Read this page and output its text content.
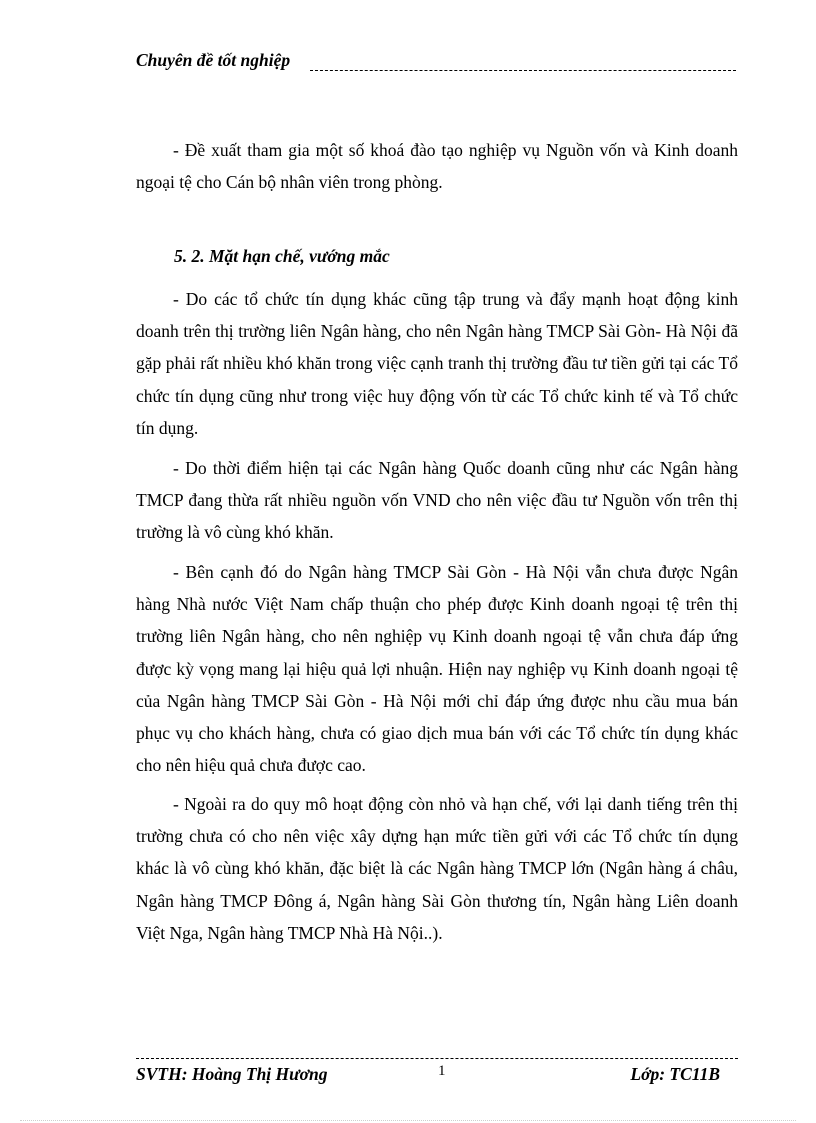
Chuyên đề tốt nghiệp

- Đề xuất tham gia một số khoá đào tạo nghiệp vụ Nguồn vốn và Kinh doanh ngoại tệ cho Cán bộ nhân viên trong phòng.

5. 2. Mặt hạn chế, vướng mắc

- Do các tổ chức tín dụng khác cũng tập trung và đẩy mạnh hoạt động kinh doanh trên thị trường liên Ngân hàng, cho nên Ngân hàng TMCP Sài Gòn- Hà Nội đã gặp phải rất nhiều khó khăn trong việc cạnh tranh thị trường đầu tư tiền gửi tại các Tổ chức tín dụng cũng như trong việc huy động vốn từ các Tổ chức kinh tế và Tổ chức tín dụng.

- Do thời điểm hiện tại các Ngân hàng Quốc doanh cũng như các Ngân hàng TMCP đang thừa rất nhiều nguồn vốn VND cho nên việc đầu tư Nguồn vốn trên thị trường là vô cùng khó khăn.

- Bên cạnh đó do Ngân hàng TMCP Sài Gòn - Hà Nội vẫn chưa được Ngân hàng Nhà nước Việt Nam chấp thuận cho phép được Kinh doanh ngoại tệ trên thị trường liên Ngân hàng, cho nên nghiệp vụ Kinh doanh ngoại tệ vẫn chưa đáp ứng được kỳ vọng mang lại hiệu quả lợi nhuận. Hiện nay nghiệp vụ Kinh doanh ngoại tệ của Ngân hàng TMCP Sài Gòn - Hà Nội mới chỉ đáp ứng được nhu cầu mua bán phục vụ cho khách hàng, chưa có giao dịch mua bán với các Tổ chức tín dụng khác cho nên hiệu quả chưa được cao.

- Ngoài ra do quy mô hoạt động còn nhỏ và hạn chế, với lại danh tiếng trên thị trường chưa có cho nên việc xây dựng hạn mức tiền gửi với các Tổ chức tín dụng khác là vô cùng khó khăn, đặc biệt là các Ngân hàng TMCP lớn (Ngân hàng á châu, Ngân hàng TMCP Đông á, Ngân hàng Sài Gòn thương tín, Ngân hàng Liên doanh Việt Nga, Ngân hàng TMCP Nhà Hà Nội..).

SVTH: Hoàng Thị Hương	1	Lớp: TC11B
